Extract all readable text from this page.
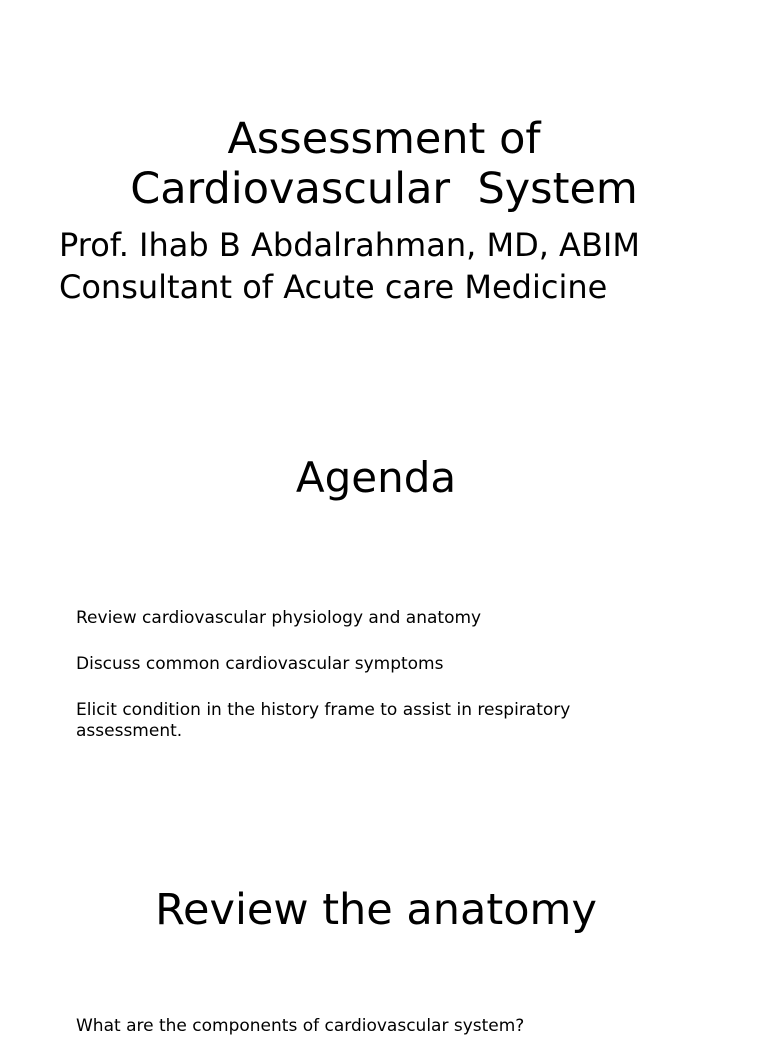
Assessment of
Cardiovascular  System
Prof. Ihab B Abdalrahman, MD, ABIM
Consultant of Acute care Medicine
Agenda
Review cardiovascular physiology and anatomy
Discuss common cardiovascular symptoms
Elicit condition in the history frame to assist in respiratory assessment.
Review the anatomy
What are the components of cardiovascular system?
